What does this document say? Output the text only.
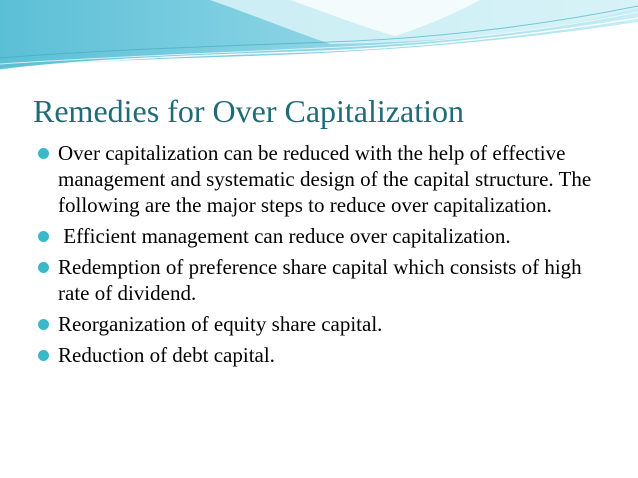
Remedies for Over Capitalization
Over capitalization can be reduced with the help of effective management and systematic design of the capital structure. The following are the major steps to reduce over capitalization.
Efficient management can reduce over capitalization.
Redemption of preference share capital which consists of high rate of dividend.
Reorganization of equity share capital.
Reduction of debt capital.
